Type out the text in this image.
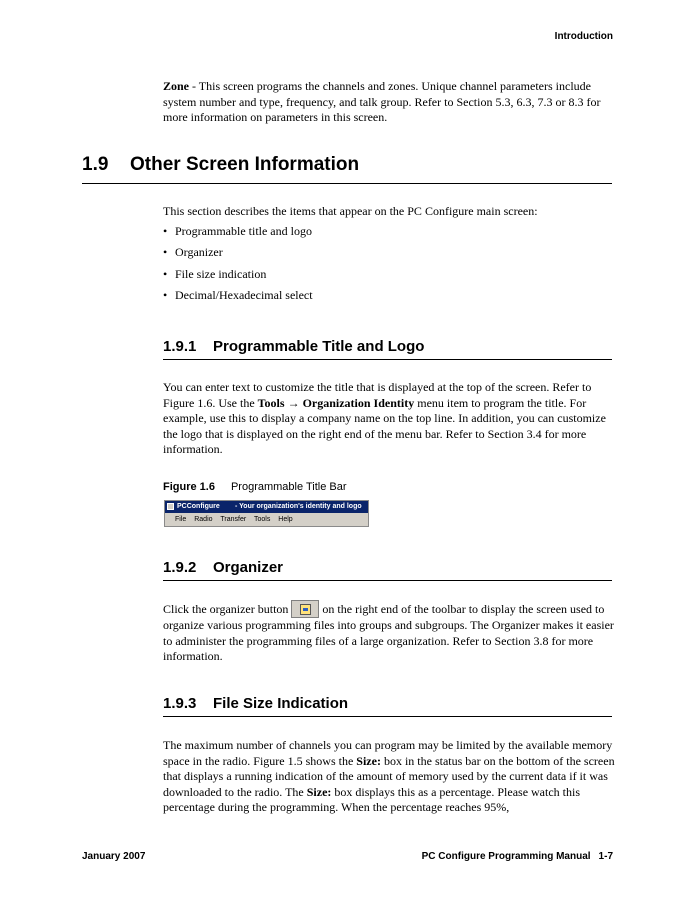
Introduction

Zone - This screen programs the channels and zones. Unique channel parameters include system number and type, frequency, and talk group. Refer to Section 5.3, 6.3, 7.3 or 8.3 for more information on parameters in this screen.

1.9 Other Screen Information

This section describes the items that appear on the PC Configure main screen:

• Programmable title and logo
• Organizer
• File size indication
• Decimal/Hexadecimal select
1.9.1 Programmable Title and Logo

You can enter text to customize the title that is displayed at the top of the screen. Refer to Figure 1.6. Use the Tools → Organization Identity menu item to program the title. For example, use this to display a company name on the top line. In addition, you can customize the logo that is displayed on the right end of the menu bar. Refer to Section 3.4 for more information.

Figure 1.6 Programmable Title Bar
PCConfigure - Your organization's identity and logo
File Radio Transfer Tools Help
1.9.2 Organizer

Click the organizer button	on the right end of the toolbar to display the screen used to organize various programming files into groups and subgroups. The Organizer makes it easier to administer the programming files of a large organization. Refer to Section 3.8 for more information.

1.9.3 File Size Indication

The maximum number of channels you can program may be limited by the available memory space in the radio. Figure 1.5 shows the Size: box in the status bar on the bottom of the screen that displays a running indication of the amount of memory used by the current data if it was downloaded to the radio. The Size: box displays this as a percentage. Please watch this percentage during the programming. When the percentage reaches 95%,

January 2007	PC Configure Programming Manual 1-7
